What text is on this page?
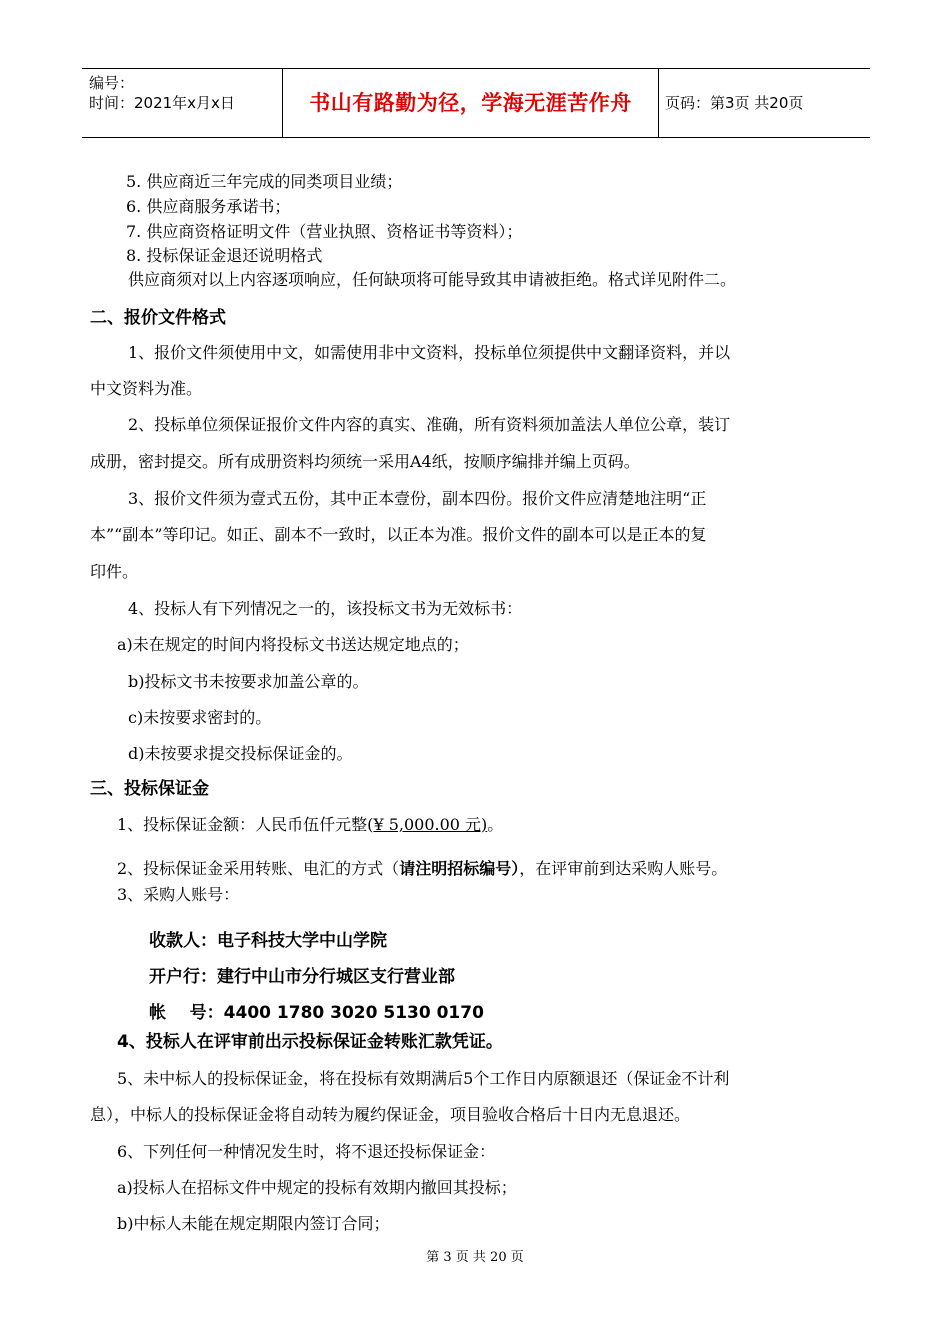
编号：
时间：2021年x月x日	书山有路勤为径，学海无涯苦作舟	页码：第3页 共20页
5. 供应商近三年完成的同类项目业绩；
6. 供应商服务承诺书；
7. 供应商资格证明文件（营业执照、资格证书等资料）；
8. 投标保证金退还说明格式
供应商须对以上内容逐项响应，任何缺项将可能导致其申请被拒绝。格式详见附件二。
二、报价文件格式
1、报价文件须使用中文，如需使用非中文资料，投标单位须提供中文翻译资料，并以
中文资料为准。
2、投标单位须保证报价文件内容的真实、准确，所有资料须加盖法人单位公章，装订
成册，密封提交。所有成册资料均须统一采用A4纸，按顺序编排并编上页码。
3、报价文件须为壹式五份，其中正本壹份，副本四份。报价文件应清楚地注明“正
本”“副本”等印记。如正、副本不一致时，以正本为准。报价文件的副本可以是正本的复
印件。
4、投标人有下列情况之一的，该投标文书为无效标书：
a)未在规定的时间内将投标文书送达规定地点的；
b)投标文书未按要求加盖公章的。
c)未按要求密封的。
d)未按要求提交投标保证金的。
三、投标保证金
1、投标保证金额：人民币伍仟元整(¥ 5,000.00 元)。
2、投标保证金采用转账、电汇的方式（请注明招标编号），在评审前到达采购人账号。
3、采购人账号：
收款人：电子科技大学中山学院
开户行：建行中山市分行城区支行营业部
帐    号：4400 1780 3020 5130 0170
4、投标人在评审前出示投标保证金转账汇款凭证。
5、未中标人的投标保证金，将在投标有效期满后5个工作日内原额退还（保证金不计利
息），中标人的投标保证金将自动转为履约保证金，项目验收合格后十日内无息退还。
6、下列任何一种情况发生时，将不退还投标保证金：
a)投标人在招标文件中规定的投标有效期内撤回其投标；
b)中标人未能在规定期限内签订合同；
第 3 页 共 20 页
